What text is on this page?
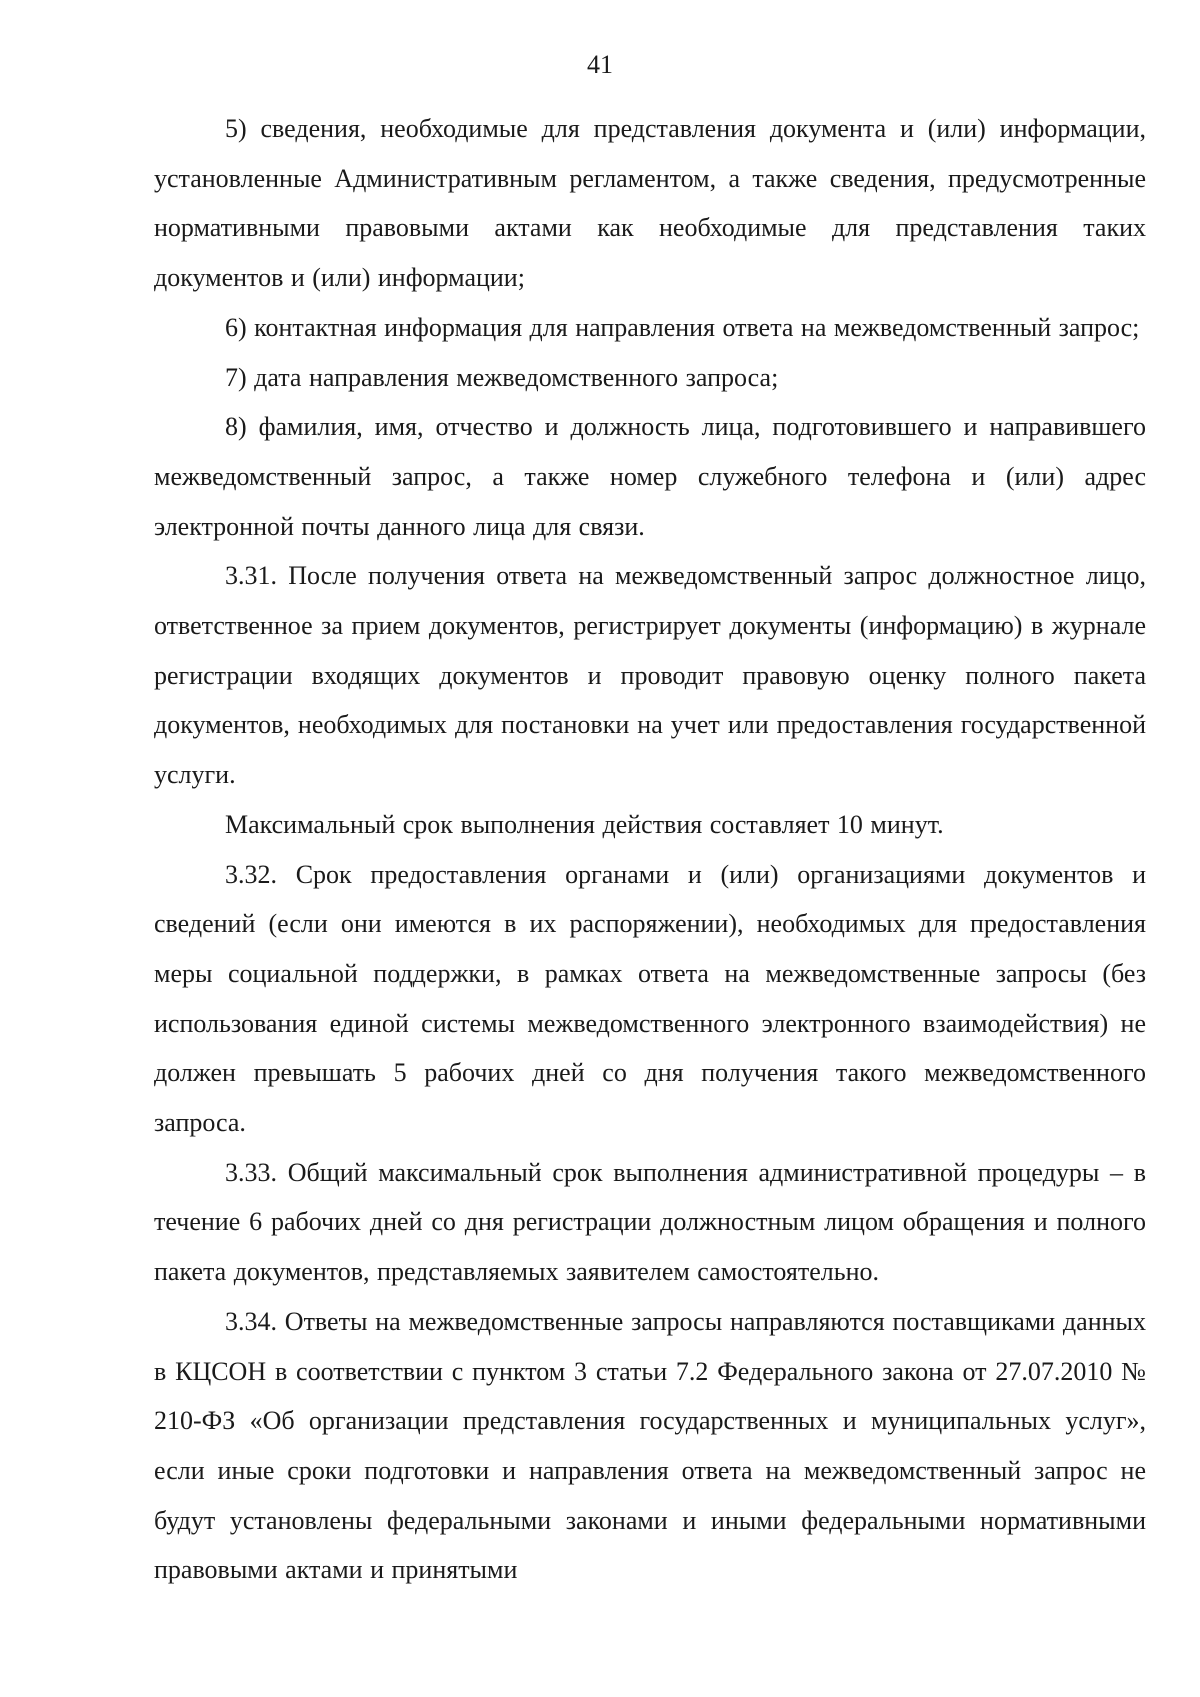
41

5) сведения, необходимые для представления документа и (или) информации, установленные Административным регламентом, а также сведения, предусмотренные нормативными правовыми актами как необходимые для представления таких документов и (или) информации;

6) контактная информация для направления ответа на межведомственный запрос;

7) дата направления межведомственного запроса;

8) фамилия, имя, отчество и должность лица, подготовившего и направившего межведомственный запрос, а также номер служебного телефона и (или) адрес электронной почты данного лица для связи.

3.31. После получения ответа на межведомственный запрос должностное лицо, ответственное за прием документов, регистрирует документы (информацию) в журнале регистрации входящих документов и проводит правовую оценку полного пакета документов, необходимых для постановки на учет или предоставления государственной услуги.

Максимальный срок выполнения действия составляет 10 минут.

3.32. Срок предоставления органами и (или) организациями документов и сведений (если они имеются в их распоряжении), необходимых для предоставления меры социальной поддержки, в рамках ответа на межведомственные запросы (без использования единой системы межведомственного электронного взаимодействия) не должен превышать 5 рабочих дней со дня получения такого межведомственного запроса.

3.33. Общий максимальный срок выполнения административной процедуры – в течение 6 рабочих дней со дня регистрации должностным лицом обращения и полного пакета документов, представляемых заявителем самостоятельно.

3.34. Ответы на межведомственные запросы направляются поставщиками данных в КЦСОН в соответствии с пунктом 3 статьи 7.2 Федерального закона от 27.07.2010 № 210-ФЗ «Об организации представления государственных и муниципальных услуг», если иные сроки подготовки и направления ответа на межведомственный запрос не будут установлены федеральными законами и иными федеральными нормативными правовыми актами и принятыми
